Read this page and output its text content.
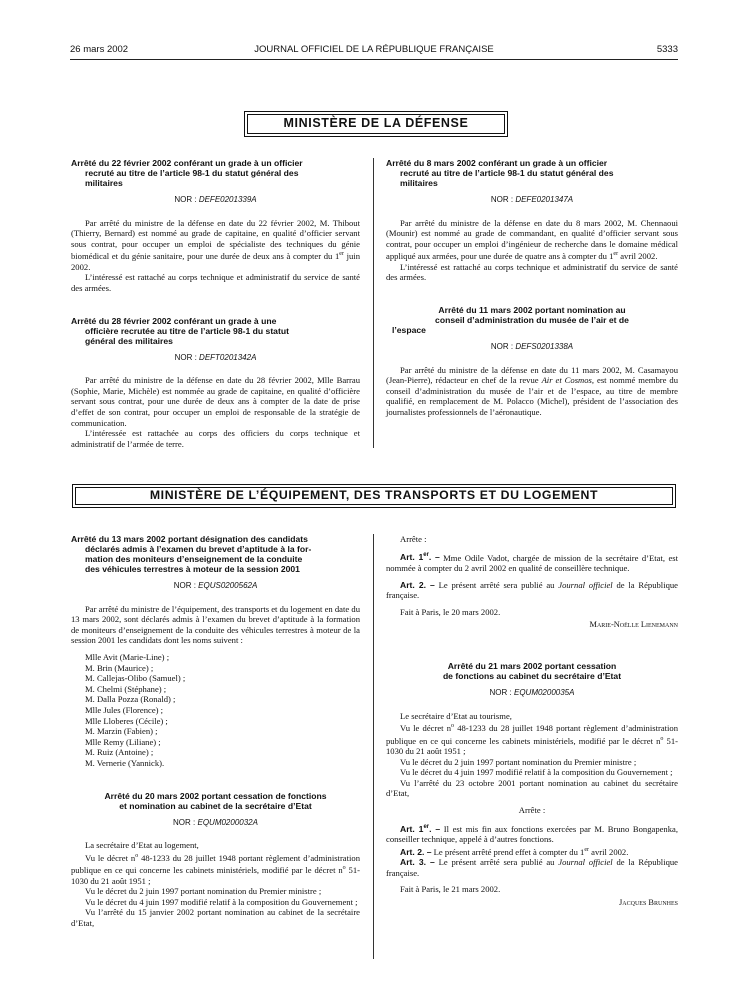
26 mars 2002	JOURNAL OFFICIEL DE LA RÉPUBLIQUE FRANÇAISE	5333
MINISTÈRE DE LA DÉFENSE
Arrêté du 22 février 2002 conférant un grade à un officier
recruté au titre de l’article 98-1 du statut général des
militaires
NOR : DEFE0201339A

Par arrêté du ministre de la défense en date du 22 février 2002, M. Thibout (Thierry, Bernard) est nommé au grade de capitaine, en qualité d’officier servant sous contrat, pour occuper un emploi de spécialiste des techniques du génie biomédical et du génie sanitaire, pour une durée de deux ans à compter du 1er juin 2002.

L’intéressé est rattaché au corps technique et administratif du service de santé des armées.

Arrêté du 28 février 2002 conférant un grade à une
officière recrutée au titre de l’article 98-1 du statut
général des militaires
NOR : DEFT0201342A

Par arrêté du ministre de la défense en date du 28 février 2002, Mlle Barrau (Sophie, Marie, Michèle) est nommée au grade de capitaine, en qualité d’officière servant sous contrat, pour une durée de deux ans à compter de la date de prise d’effet de son contrat, pour occuper un emploi de responsable de la stratégie de communication.

L’intéressée est rattachée au corps des officiers du corps technique et administratif de l’armée de terre.

Arrêté du 8 mars 2002 conférant un grade à un officier
recruté au titre de l’article 98-1 du statut général des
militaires
NOR : DEFE0201347A

Par arrêté du ministre de la défense en date du 8 mars 2002, M. Chennaoui (Mounir) est nommé au grade de commandant, en qualité d’officier servant sous contrat, pour occuper un emploi d’ingénieur de recherche dans le domaine médical appliqué aux armées, pour une durée de quatre ans à compter du 1er avril 2002.

L’intéressé est rattaché au corps technique et administratif du service de santé des armées.

Arrêté du 11 mars 2002 portant nomination au
conseil d’administration du musée de l’air et de
l’espace
NOR : DEFS0201338A

Par arrêté du ministre de la défense en date du 11 mars 2002, M. Casamayou (Jean-Pierre), rédacteur en chef de la revue Air et Cosmos, est nommé membre du conseil d’administration du musée de l’air et de l’espace, au titre de membre qualifié, en remplacement de M. Polacco (Michel), président de l’association des journalistes professionnels de l’aéronautique.

MINISTÈRE DE L’ÉQUIPEMENT, DES TRANSPORTS ET DU LOGEMENT
Arrêté du 13 mars 2002 portant désignation des candidats
déclarés admis à l’examen du brevet d’aptitude à la for-
mation des moniteurs d’enseignement de la conduite
des véhicules terrestres à moteur de la session 2001
NOR : EQUS0200562A

Par arrêté du ministre de l’équipement, des transports et du logement en date du 13 mars 2002, sont déclarés admis à l’examen du brevet d’aptitude à la formation de moniteurs d’enseignement de la conduite des véhicules terrestres à moteur de la session 2001 les candidats dont les noms suivent :

Mlle Avit (Marie-Line) ;

M. Brin (Maurice) ;

M. Callejas-Olibo (Samuel) ;

M. Chelmi (Stéphane) ;

M. Dalla Pozza (Ronald) ;

Mlle Jules (Florence) ;

Mlle Lloberes (Cécile) ;

M. Marzin (Fabien) ;

Mlle Remy (Liliane) ;

M. Ruiz (Antoine) ;

M. Vernerie (Yannick).

Arrêté du 20 mars 2002 portant cessation de fonctions
et nomination au cabinet de la secrétaire d’Etat
NOR : EQUM0200032A

La secrétaire d’Etat au logement,

Vu le décret $n^o$ 48-1233 du 28 juillet 1948 portant règlement d’administration publique en ce qui concerne les cabinets ministériels, modifié par le décret $n^o$ 51-1030 du 21 août 1951 ;

Vu le décret du 2 juin 1997 portant nomination du Premier ministre ;

Vu le décret du 4 juin 1997 modifié relatif à la composition du Gouvernement ;

Vu l’arrêté du 15 janvier 2002 portant nomination au cabinet de la secrétaire d’Etat,

Arrête :

Art. 1er. – Mme Odile Vadot, chargée de mission de la secrétaire d’Etat, est nommée à compter du 2 avril 2002 en qualité de conseillère technique.

Art. 2. – Le présent arrêté sera publié au Journal officiel de la République française.

Fait à Paris, le 20 mars 2002.

Marie-Noëlle Lienemann
Arrêté du 21 mars 2002 portant cessation
de fonctions au cabinet du secrétaire d’Etat
NOR : EQUM0200035A

Le secrétaire d’Etat au tourisme,

Vu le décret $n^o$ 48-1233 du 28 juillet 1948 portant règlement d’administration publique en ce qui concerne les cabinets ministériels, modifié par le décret $n^o$ 51-1030 du 21 août 1951 ;

Vu le décret du 2 juin 1997 portant nomination du Premier ministre ;

Vu le décret du 4 juin 1997 modifié relatif à la composition du Gouvernement ;

Vu l’arrêté du 23 octobre 2001 portant nomination au cabinet du secrétaire d’Etat,

Arrête :

Art. 1er. – Il est mis fin aux fonctions exercées par M. Bruno Bongapenka, conseiller technique, appelé à d’autres fonctions.

Art. 2. – Le présent arrêté prend effet à compter du 1er avril 2002.

Art. 3. – Le présent arrêté sera publié au Journal officiel de la République française.

Fait à Paris, le 21 mars 2002.

Jacques Brunhes
